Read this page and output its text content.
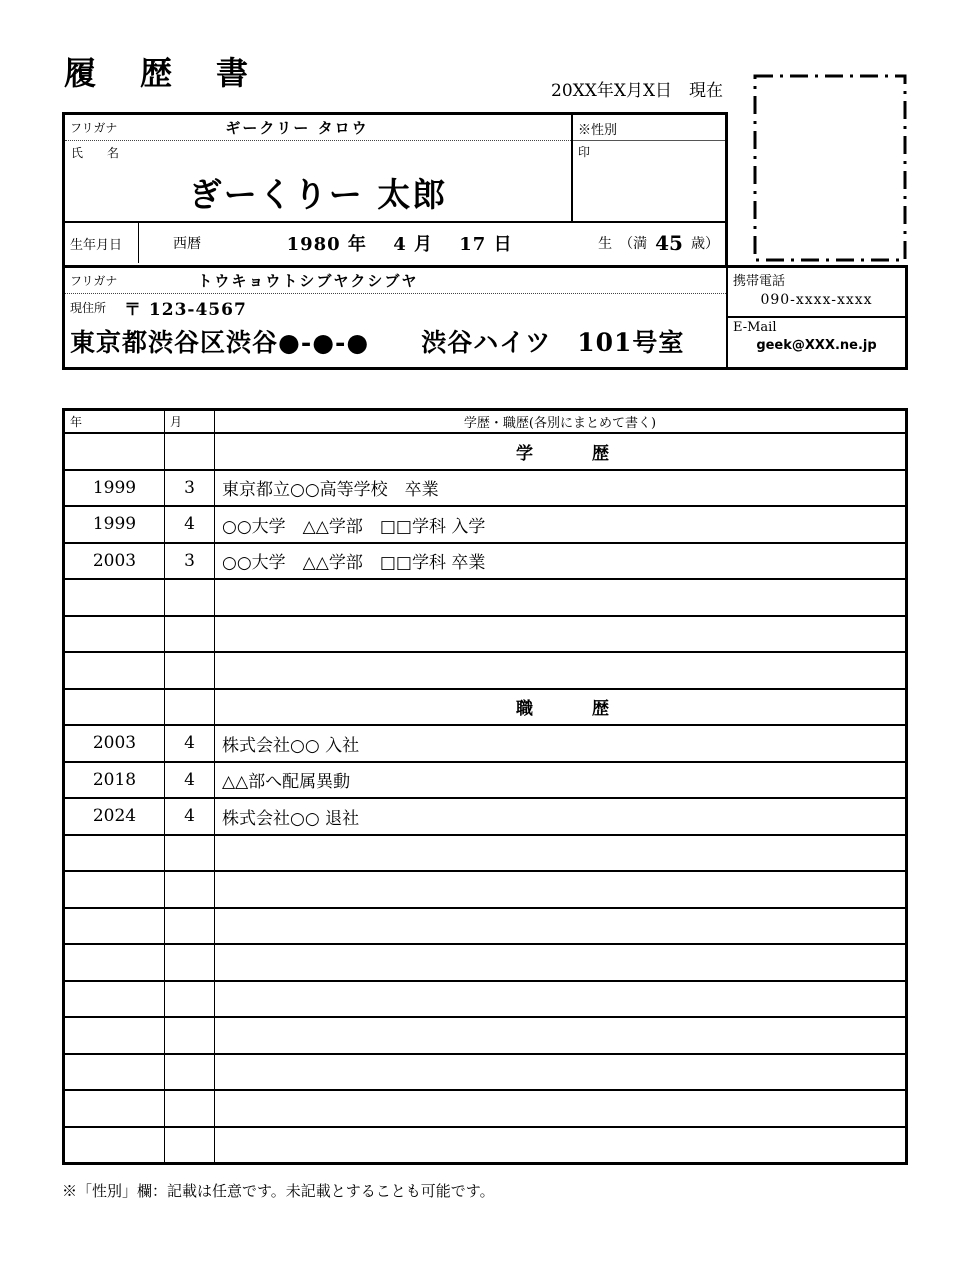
履　歴　書	20XX年X月X日　現在
フリガナ	ギークリー タロウ
氏　　名
ぎーくりー 太郎
※性別
印
生年月日	西暦	1980 年　 4 月　 17 日	生　（満 45 歳）
フリガナ	トウキョウトシブヤクシブヤ
現住所 〒 123-4567
東京都渋谷区渋谷●-●-●　　渋谷ハイツ　101号室
携帯電話
090-xxxx-xxxx
E-Mail
geek@XXX.ne.jp
年	月	学歴・職歴(各別にまとめて書く)
		学　　　歴
1999	3	東京都立○○高等学校　卒業
1999	4	○○大学　△△学部　□□学科 入学
2003	3	○○大学　△△学部　□□学科 卒業

		職　　　歴
2003	4	株式会社○○ 入社
2018	4	△△部へ配属異動
2024	4	株式会社○○ 退社

※「性別」欄：記載は任意です。未記載とすることも可能です。
